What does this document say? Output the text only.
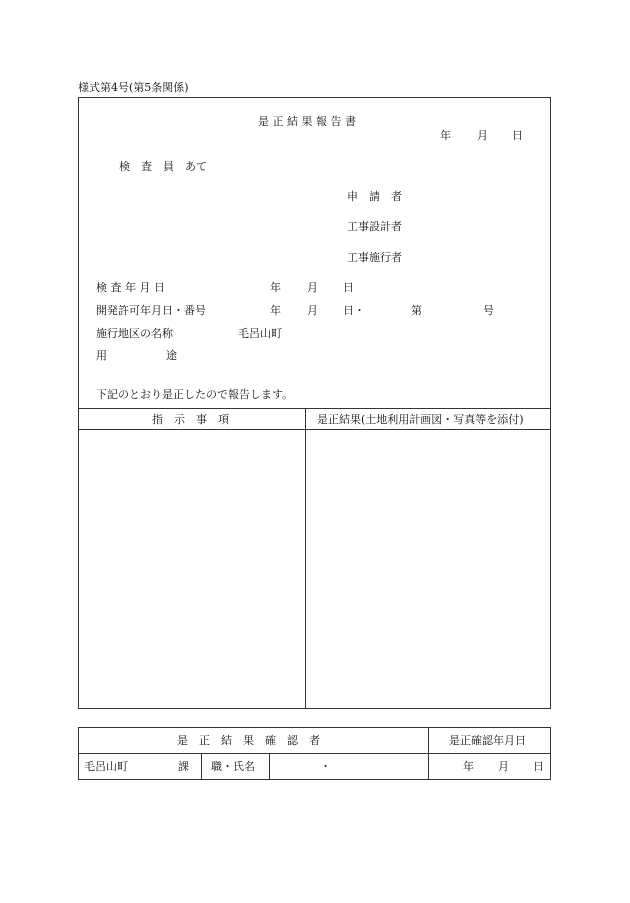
様式第4号(第5条関係)
是 正 結 果 報 告 書
年 月 日
検　査　員　あて
申　請　者
工事設計者
工事施行者
検 査 年 月 日	年 月 日
開発許可年月日・番号	年 月 日・	第	号
施行地区の名称	毛呂山町
用	途
下記のとおり是正したので報告します。
指　示　事　項	是正結果(土地利用計画図・写真等を添付)
是　正　結　果　確　認　者	是正確認年月日
毛呂山町	課 職・氏名	・	年 月 日
